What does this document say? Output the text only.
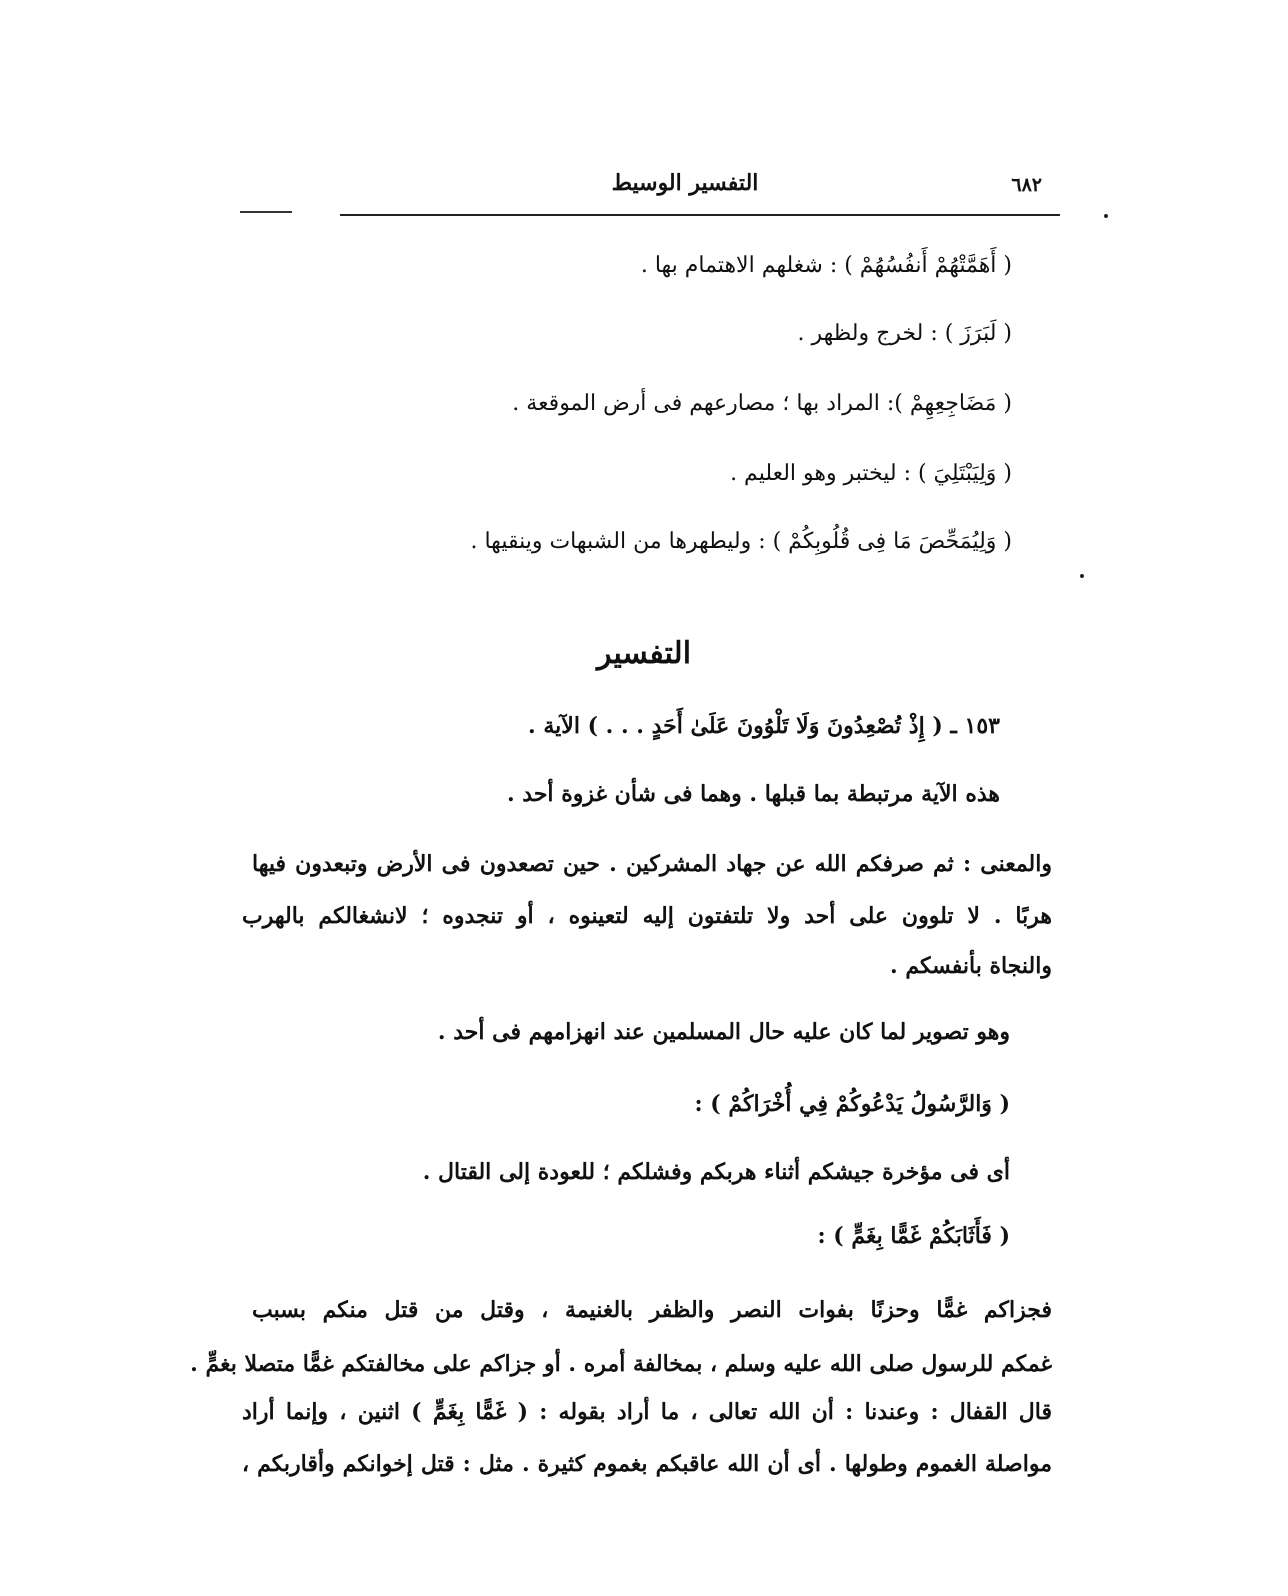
٦٨٢
التفسير الوسيط
( أَهَمَّتْهُمْ أَنفُسُهُمْ ) : شغلهم الاهتمام بها .
( لَبَرَزَ ) : لخرج ولظهر .
( مَضَاجِعِهِمْ ): المراد بها ؛ مصارعهم فى أرض الموقعة .
( وَلِيَبْتَلِيَ ) : ليختبر وهو العليم .
( وَلِيُمَحِّصَ مَا فِى قُلُوبِكُمْ ) : وليطهرها من الشبهات وينقيها .
التفسير
١٥٣ ـ ( إِذْ تُصْعِدُونَ وَلَا تَلْوُونَ عَلَىٰ أَحَدٍ . . . ) الآية .
هذه الآية مرتبطة بما قبلها . وهما فى شأن غزوة أحد .
والمعنى : ثم صرفكم الله عن جهاد المشركين . حين تصعدون فى الأرض وتبعدون فيها
هربًا . لا تلوون على أحد ولا تلتفتون إليه لتعينوه ، أو تنجدوه ؛ لانشغالكم بالهرب
والنجاة بأنفسكم .
وهو تصوير لما كان عليه حال المسلمين عند انهزامهم فى أحد .
( وَالرَّسُولُ يَدْعُوكُمْ فِي أُخْرَاكُمْ ) :
أى فى مؤخرة جيشكم أثناء هربكم وفشلكم ؛ للعودة إلى القتال .
( فَأَثَابَكُمْ غَمًّا بِغَمٍّ ) :
فجزاكم غمًّا وحزنًا بفوات النصر والظفر بالغنيمة ، وقتل من قتل منكم بسبب
غمكم للرسول صلى الله عليه وسلم ، بمخالفة أمره . أو جزاكم على مخالفتكم غمًّا متصلا بغمٍّ .
قال القفال : وعندنا : أن الله تعالى ، ما أراد بقوله : ( غَمًّا بِغَمٍّ ) اثنين ، وإنما أراد
مواصلة الغموم وطولها . أى أن الله عاقبكم بغموم كثيرة . مثل : قتل إخوانكم وأقاربكم ،
